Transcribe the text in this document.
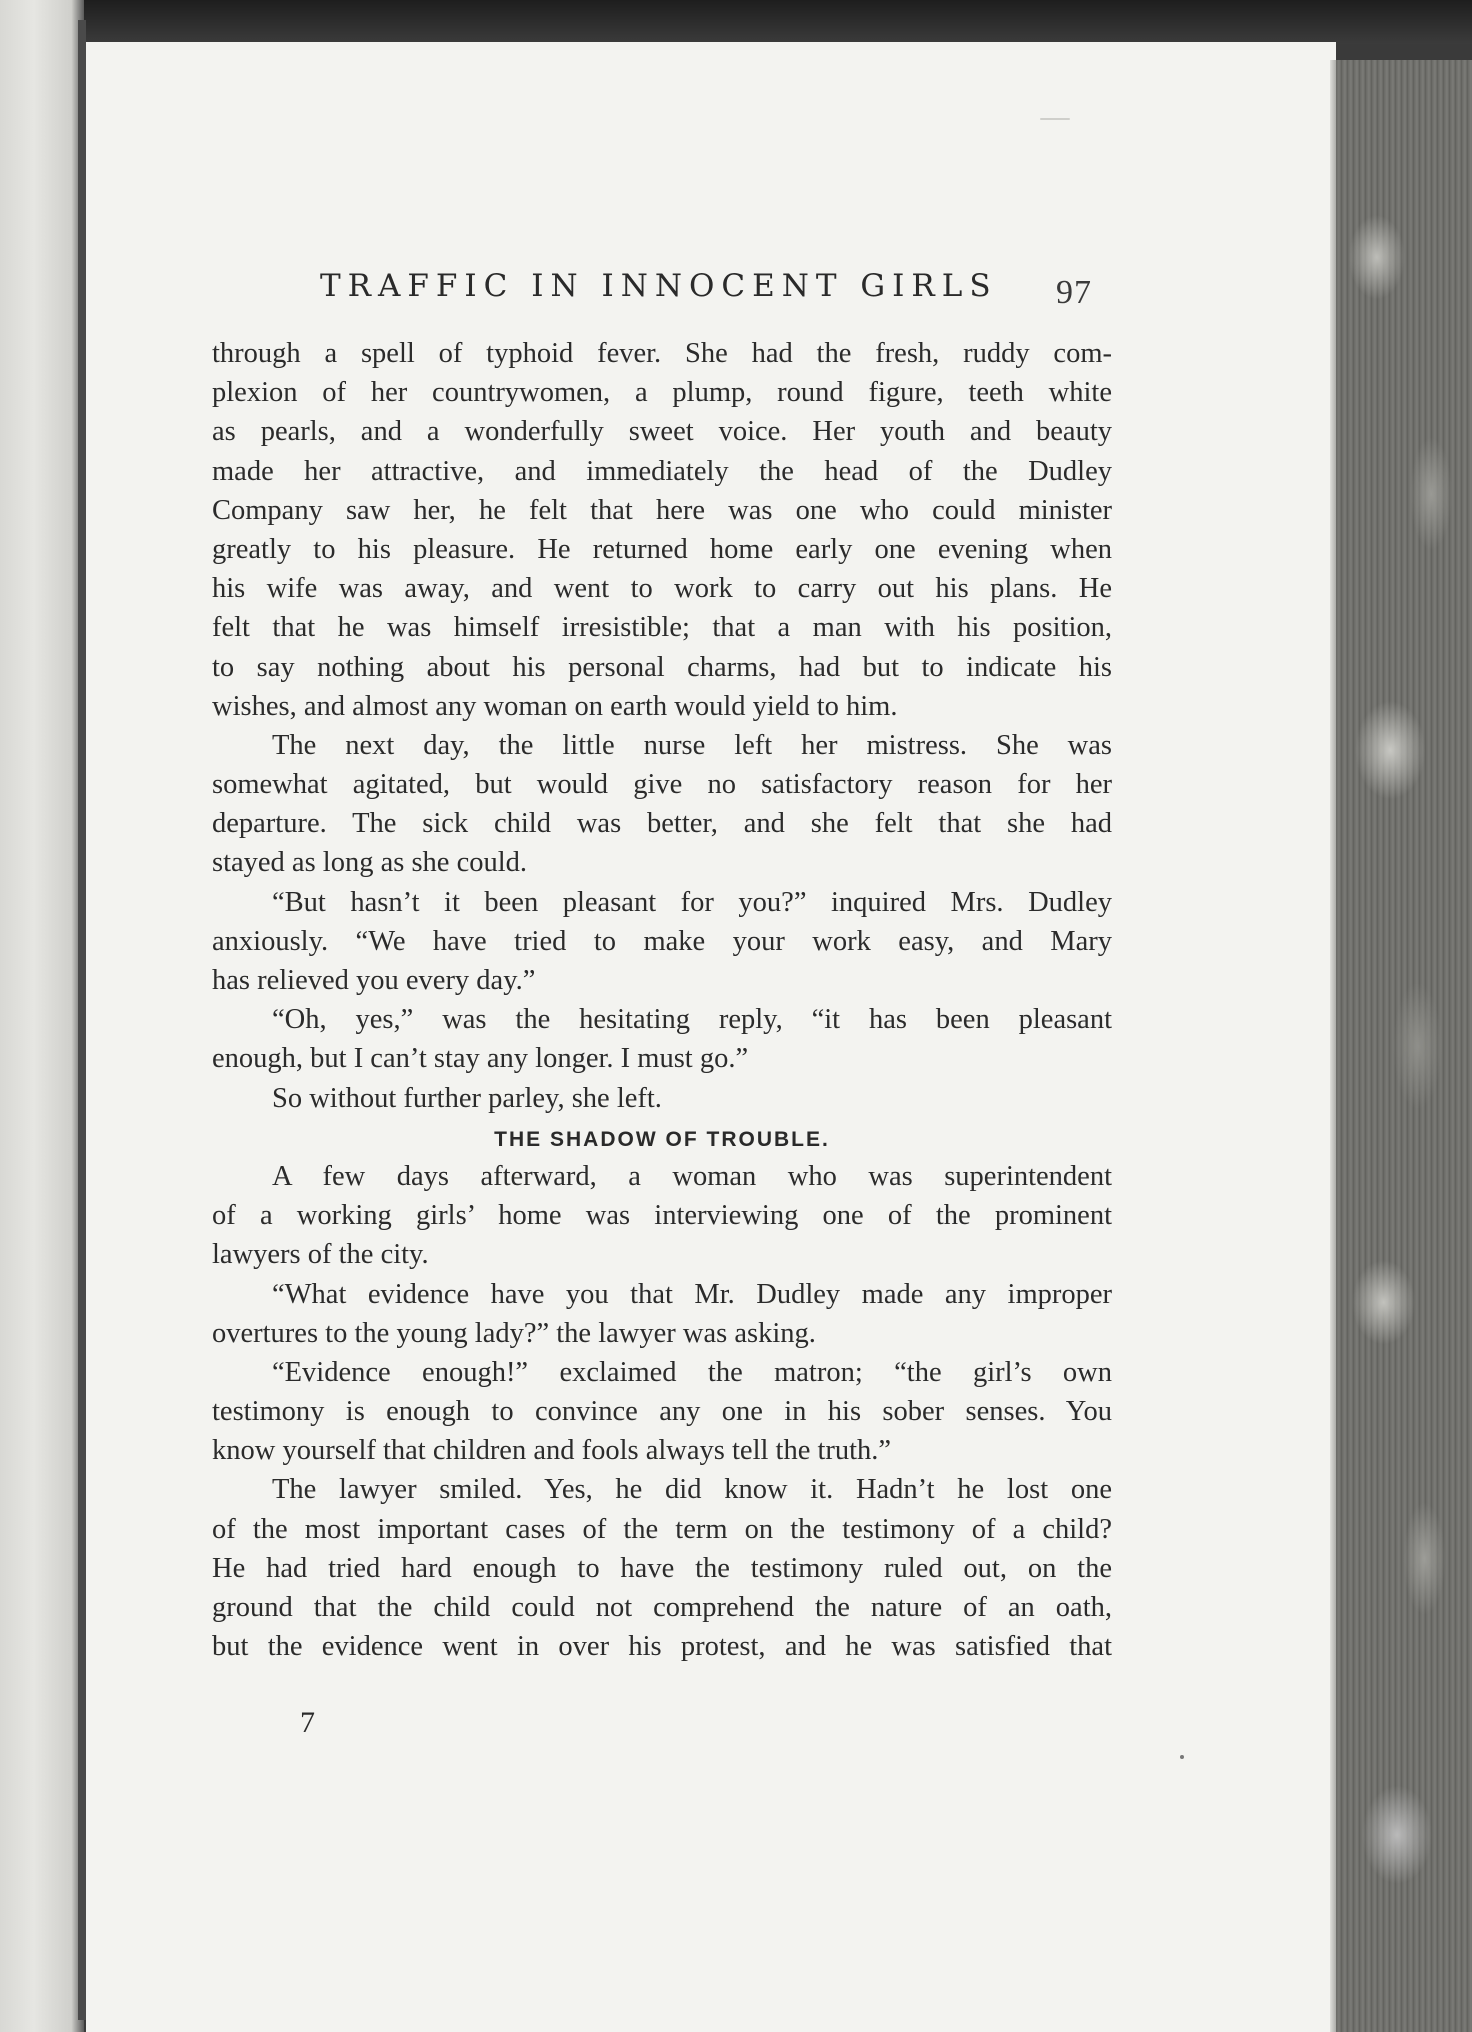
TRAFFIC IN INNOCENT GIRLS	97
through a spell of typhoid fever. She had the fresh, ruddy com-
plexion of her countrywomen, a plump, round figure, teeth white
as pearls, and a wonderfully sweet voice. Her youth and beauty
made her attractive, and immediately the head of the Dudley
Company saw her, he felt that here was one who could minister
greatly to his pleasure. He returned home early one evening when
his wife was away, and went to work to carry out his plans. He
felt that he was himself irresistible; that a man with his position,
to say nothing about his personal charms, had but to indicate his
wishes, and almost any woman on earth would yield to him.
The next day, the little nurse left her mistress. She was
somewhat agitated, but would give no satisfactory reason for her
departure. The sick child was better, and she felt that she had
stayed as long as she could.
“But hasn’t it been pleasant for you?” inquired Mrs. Dudley
anxiously. “We have tried to make your work easy, and Mary
has relieved you every day.”
“Oh, yes,” was the hesitating reply, “it has been pleasant
enough, but I can’t stay any longer. I must go.”
So without further parley, she left.
THE SHADOW OF TROUBLE.
A few days afterward, a woman who was superintendent
of a working girls’ home was interviewing one of the prominent
lawyers of the city.
“What evidence have you that Mr. Dudley made any improper
overtures to the young lady?” the lawyer was asking.
“Evidence enough!” exclaimed the matron; “the girl’s own
testimony is enough to convince any one in his sober senses. You
know yourself that children and fools always tell the truth.”
The lawyer smiled. Yes, he did know it. Hadn’t he lost one
of the most important cases of the term on the testimony of a child?
He had tried hard enough to have the testimony ruled out, on the
ground that the child could not comprehend the nature of an oath,
but the evidence went in over his protest, and he was satisfied that
7
